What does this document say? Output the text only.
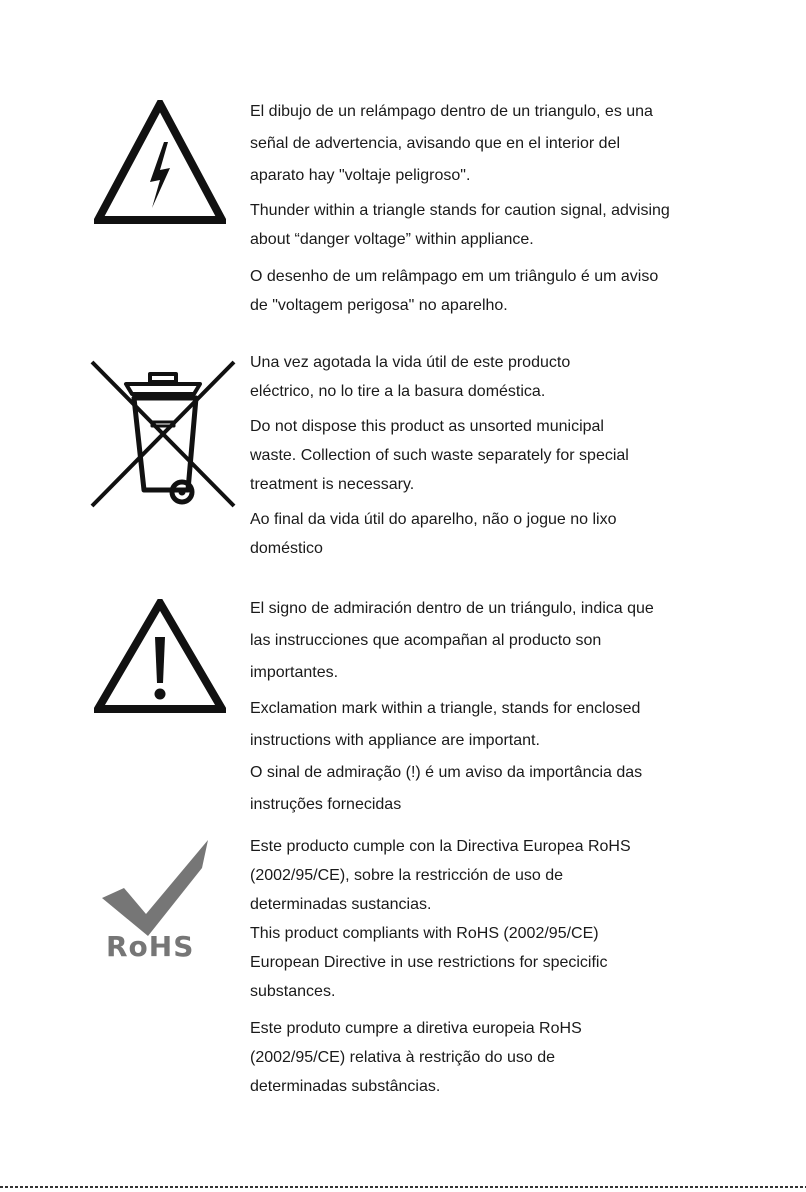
El dibujo de un relámpago dentro de un triangulo, es una

señal de advertencia, avisando que en el interior del

aparato hay "voltaje peligroso".

Thunder within a triangle stands for caution signal, advising

about “danger voltage” within appliance.

O desenho de um relâmpago em um triângulo é um aviso

de "voltagem perigosa" no aparelho.

Una vez agotada la vida útil de este producto

eléctrico, no lo tire a la basura doméstica.

Do not dispose this product as unsorted municipal

waste. Collection of such waste separately for special

treatment is necessary.

Ao final da vida útil do aparelho, não o jogue no lixo

doméstico

El signo de admiración dentro de un triángulo, indica que

las instrucciones que acompañan al producto son

importantes.

Exclamation mark within a triangle, stands for enclosed

instructions with appliance are important.

O sinal de admiração (!) é um aviso da importância das

instruções fornecidas

RoHS

Este producto cumple con la Directiva Europea RoHS

(2002/95/CE), sobre la restricción de uso de

determinadas sustancias.

This product compliants with RoHS (2002/95/CE)

European Directive in use restrictions for specicific

substances.

Este produto cumpre a diretiva europeia RoHS

(2002/95/CE) relativa à restrição do uso de

determinadas substâncias.
